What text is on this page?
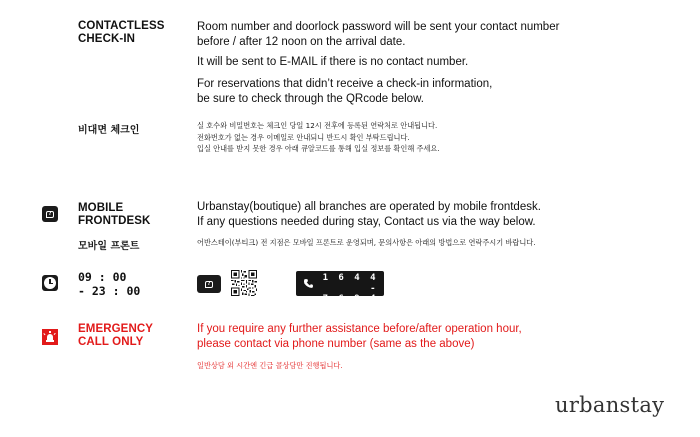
CONTACTLESS
CHECK-IN
Room number and doorlock password will be sent your contact number
before / after 12 noon on the arrival date.
It will be sent to E-MAIL if there is no contact number.
For reservations that didn’t receive a check-in information,
be sure to check through the QRcode below.
비대면 체크인	실 호수와 비밀번호는 체크인 당일 12시 전후에 등록된 연락처로 안내됩니다.
전화번호가 없는 경우 이메일로 안내되니 반드시 확인 부탁드립니다.
입실 안내를 받지 못한 경우 아래 큐알코드를 통해 입실 정보를 확인해 주세요.
? MOBILE
FRONTDESK
Urbanstay(boutique) all branches are operated by mobile frontdesk.
If any questions needed during stay, Contact us via the way below.
모바일 프론트	어반스테이(부티크) 전 지점은 모바일 프론트로 운영되며, 문의사항은 아래의 방법으로 연락주시기 바랍니다.
09 : 00
- 23 : 00
?
1 6 4 4 -
7 6 9 4
EMERGENCY
CALL ONLY
If you require any further assistance before/after operation hour,
please contact via phone number (same as the above)
일반상담 외 시간엔 긴급 콜상담만 진행됩니다.
urbanstay
